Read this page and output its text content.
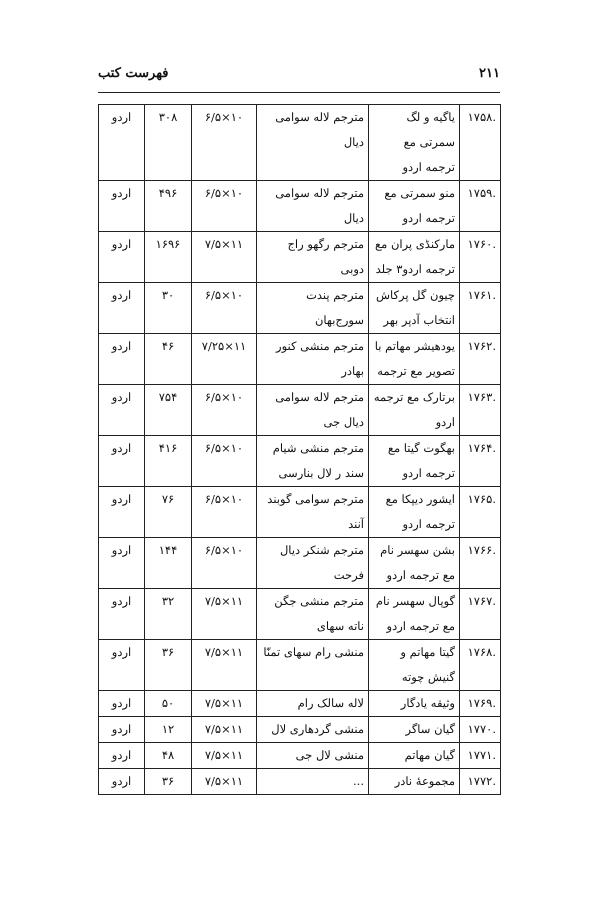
۲۱۱
فهرست کتب
.۱۷۵۸	یاگیه و لگ سمرتی مع ترجمه اردو	مترجم لاله سوامی دیال	۱۰×۶/۵	۳۰۸	اردو
.۱۷۵۹	منو سمرتی مع ترجمه اردو	مترجم لاله سوامی دیال	۱۰×۶/۵	۴۹۶	اردو
.۱۷۶۰	مارکنڈی پران مع ترجمه اردو۳ جلد	مترجم رگهو راج دوبی	۱۱×۷/۵	۱۶۹۶	اردو
.۱۷۶۱	چیون گل پرکاش انتخاب آدپر بهر	مترجم پندت سورج‌بهان	۱۰×۶/۵	۳۰	اردو
.۱۷۶۲	یودهیشر مهاتم با تصویر مع ترجمه	مترجم منشی کنور بهادر	۱۱×۷/۲۵	۴۶	اردو
.۱۷۶۳	برتارک مع ترجمه اردو	مترجم لاله سوامی دیال جی	۱۰×۶/۵	۷۵۴	اردو
.۱۷۶۴	بهگوت گیتا مع ترجمه اردو	مترجم منشی شیام سند ر لال بنارسی	۱۰×۶/۵	۴۱۶	اردو
.۱۷۶۵	ایشور دیپکا مع ترجمه اردو	مترجم سوامی گوبند آنند	۱۰×۶/۵	۷۶	اردو
.۱۷۶۶	بشن سهسر نام مع ترجمه اردو	مترجم شنکر دیال فرحت	۱۰×۶/۵	۱۴۴	اردو
.۱۷۶۷	گوپال سهسر نام مع ترجمه اردو	مترجم منشی جگن ناته سهای	۱۱×۷/۵	۳۲	اردو
.۱۷۶۸	گیتا مهاتم و گنیش چوته	منشی رام سهای تمنّا	۱۱×۷/۵	۳۶	اردو
.۱۷۶۹	وثیقه یادگار	لاله سالک رام	۱۱×۷/۵	۵۰	اردو
.۱۷۷۰	گیان ساگر	منشی گردهاری لال	۱۱×۷/۵	۱۲	اردو
.۱۷۷۱	گیان مهاتم	منشی لال جی	۱۱×۷/۵	۴۸	اردو
.۱۷۷۲	مجموعهٔ نادر	...	۱۱×۷/۵	۳۶	اردو
